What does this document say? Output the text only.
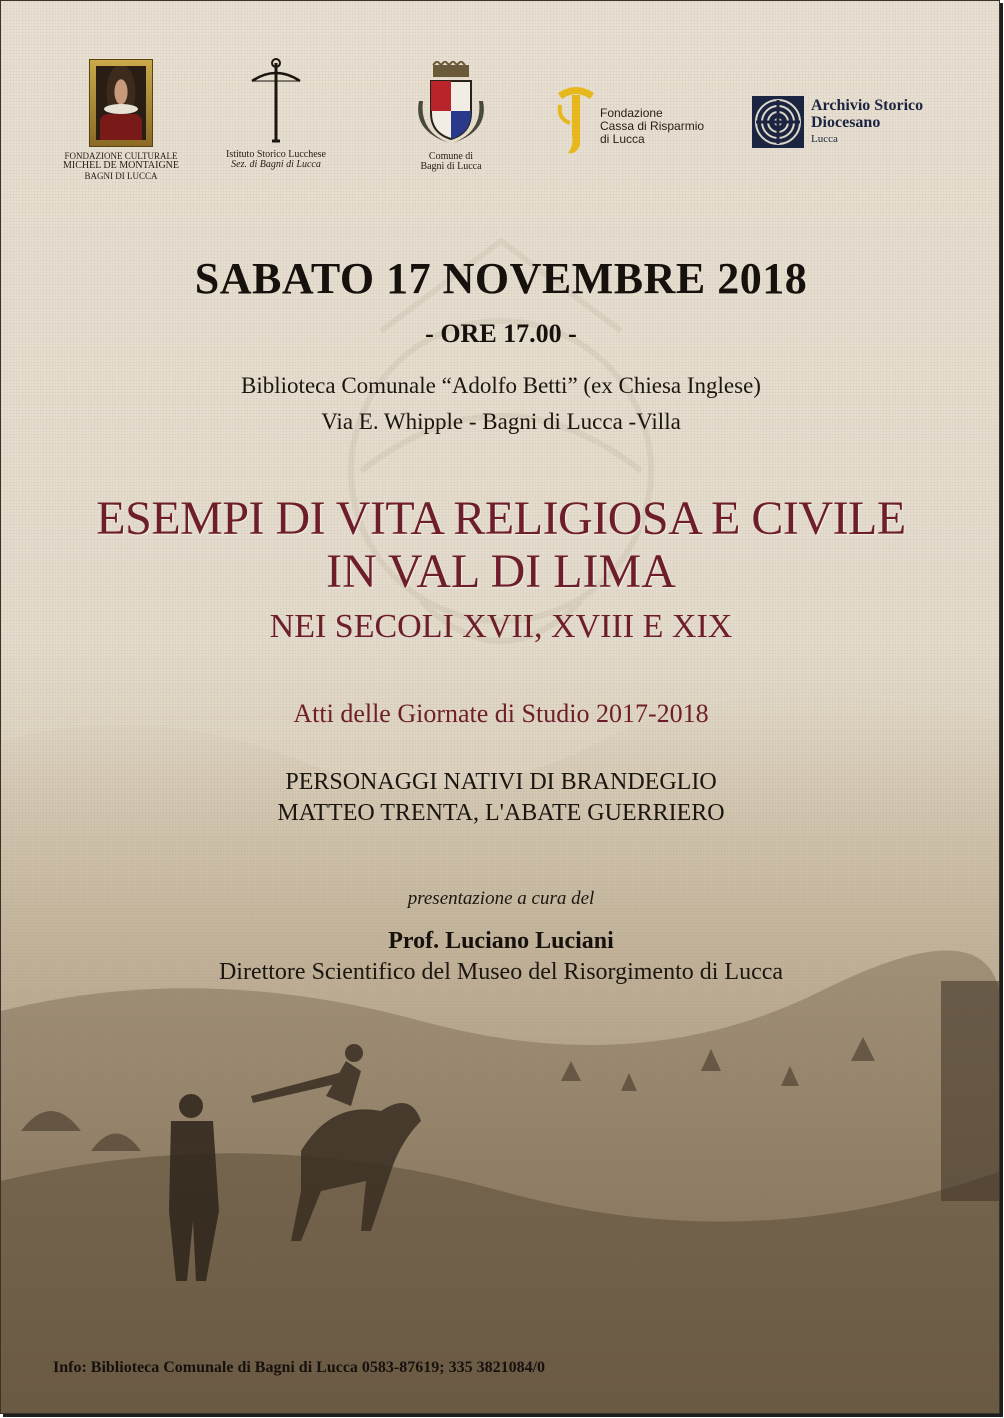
FONDAZIONE CULTURALE
MICHEL DE MONTAIGNE
BAGNI DI LUCCA
Istituto Storico Lucchese
Sez. di Bagni di Lucca
Comune di
Bagni di Lucca
Fondazione
Cassa di Risparmio
di Lucca
Archivio Storico
Diocesano
Lucca
SABATO 17 NOVEMBRE 2018
- ORE 17.00 -
Biblioteca Comunale “Adolfo Betti” (ex Chiesa Inglese)
Via E. Whipple - Bagni di Lucca -Villa
ESEMPI DI VITA RELIGIOSA E CIVILE
IN VAL DI LIMA
NEI SECOLI XVII, XVIII E XIX
Atti delle Giornate di Studio 2017-2018
PERSONAGGI NATIVI DI BRANDEGLIO
MATTEO TRENTA, L'ABATE GUERRIERO
presentazione a cura del
Prof. Luciano Luciani
Direttore Scientifico del Museo del Risorgimento di Lucca
Info: Biblioteca Comunale di Bagni di Lucca 0583-87619; 335 3821084/0
